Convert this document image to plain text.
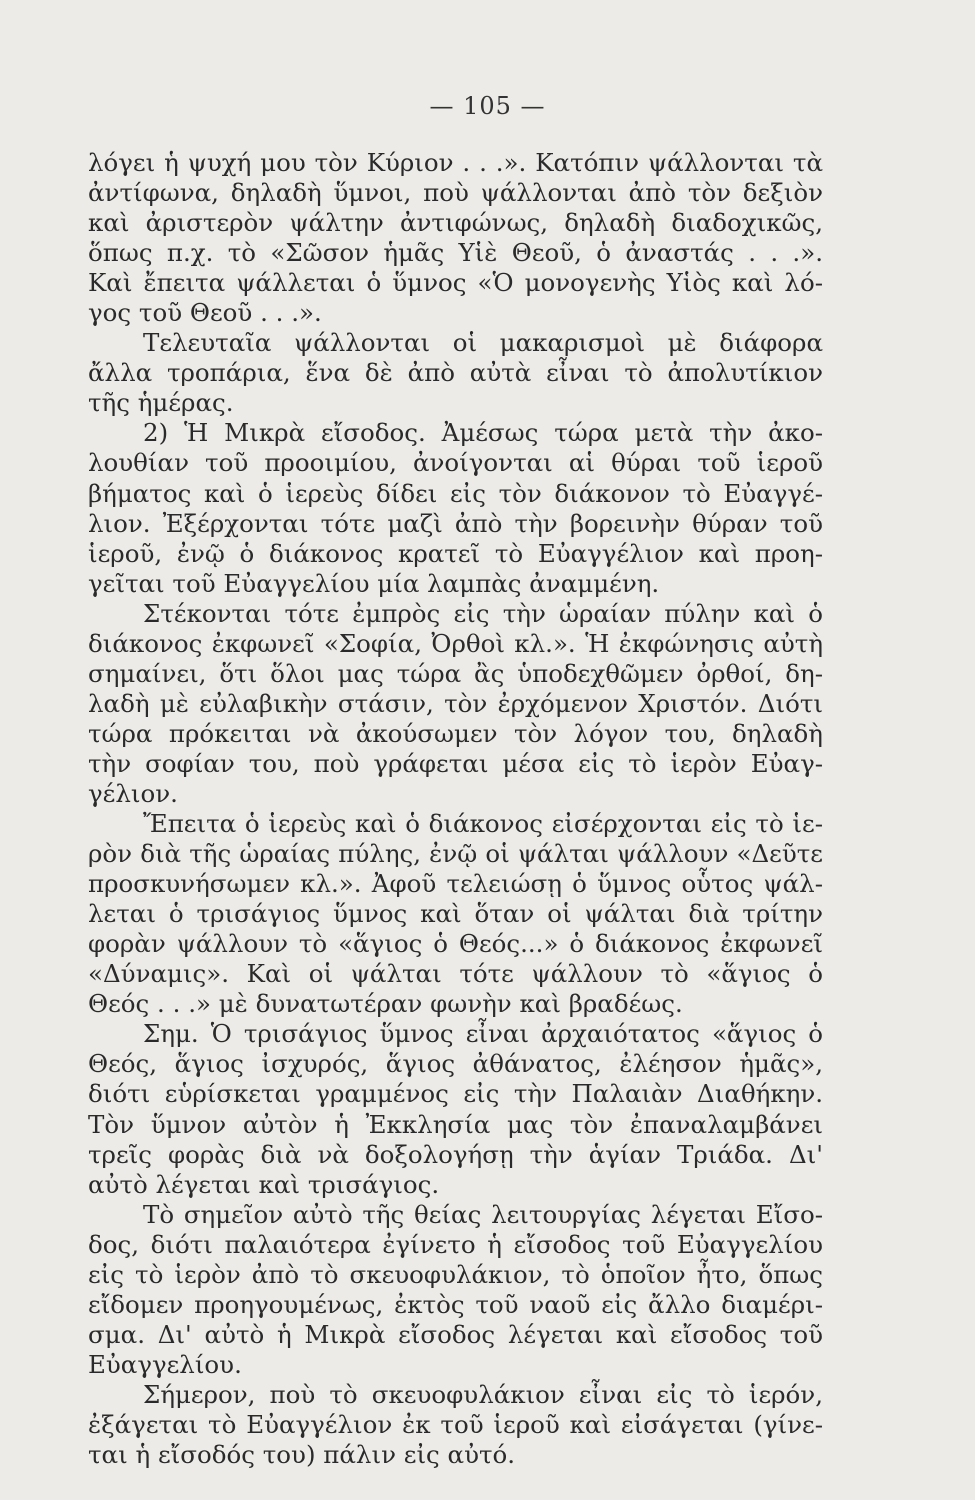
— 105 —
λόγει ἡ ψυχή μου τὸν Κύριον . . .». Κατόπιν ψάλλονται τὰ
ἀντίφωνα, δηλαδὴ ὕμνοι, ποὺ ψάλλονται ἀπὸ τὸν δεξιὸν
καὶ ἀριστερὸν ψάλτην ἀντιφώνως, δηλαδὴ διαδοχικῶς,
ὅπως π.χ. τὸ «Σῶσον ἡμᾶς Υἱὲ Θεοῦ, ὁ ἀναστάς . . .».
Καὶ ἔπειτα ψάλλεται ὁ ὕμνος «Ὁ μονογενὴς Υἱὸς καὶ λό-
γος τοῦ Θεοῦ . . .».
Τελευταῖα ψάλλονται οἱ μακαρισμοὶ μὲ διάφορα
ἄλλα τροπάρια, ἕνα δὲ ἀπὸ αὐτὰ εἶναι τὸ ἀπολυτίκιον
τῆς ἡμέρας.
2) Ἡ Μικρὰ εἴσοδος. Ἀμέσως τώρα μετὰ τὴν ἀκο-
λουθίαν τοῦ προοιμίου, ἀνοίγονται αἱ θύραι τοῦ ἱεροῦ
βήματος καὶ ὁ ἱερεὺς δίδει εἰς τὸν διάκονον τὸ Εὐαγγέ-
λιον. Ἐξέρχονται τότε μαζὶ ἀπὸ τὴν βορεινὴν θύραν τοῦ
ἱεροῦ, ἐνῷ ὁ διάκονος κρατεῖ τὸ Εὐαγγέλιον καὶ προη-
γεῖται τοῦ Εὐαγγελίου μία λαμπὰς ἀναμμένη.
Στέκονται τότε ἐμπρὸς εἰς τὴν ὡραίαν πύλην καὶ ὁ
διάκονος ἐκφωνεῖ «Σοφία, Ὀρθοὶ κλ.». Ἡ ἐκφώνησις αὐτὴ
σημαίνει, ὅτι ὅλοι μας τώρα ἂς ὑποδεχθῶμεν ὀρθοί, δη-
λαδὴ μὲ εὐλαβικὴν στάσιν, τὸν ἐρχόμενον Χριστόν. Διότι
τώρα πρόκειται νὰ ἀκούσωμεν τὸν λόγον του, δηλαδὴ
τὴν σοφίαν του, ποὺ γράφεται μέσα εἰς τὸ ἱερὸν Εὐαγ-
γέλιον.
Ἔπειτα ὁ ἱερεὺς καὶ ὁ διάκονος εἰσέρχονται εἰς τὸ ἱε-
ρὸν διὰ τῆς ὡραίας πύλης, ἐνῷ οἱ ψάλται ψάλλουν «Δεῦτε
προσκυνήσωμεν κλ.». Ἀφοῦ τελειώσῃ ὁ ὕμνος οὗτος ψάλ-
λεται ὁ τρισάγιος ὕμνος καὶ ὅταν οἱ ψάλται διὰ τρίτην
φορὰν ψάλλουν τὸ «ἅγιος ὁ Θεός...» ὁ διάκονος ἐκφωνεῖ
«Δύναμις». Καὶ οἱ ψάλται τότε ψάλλουν τὸ «ἅγιος ὁ
Θεός . . .» μὲ δυνατωτέραν φωνὴν καὶ βραδέως.
Σημ. Ὁ τρισάγιος ὕμνος εἶναι ἀρχαιότατος «ἅγιος ὁ
Θεός, ἅγιος ἰσχυρός, ἅγιος ἀθάνατος, ἐλέησον ἡμᾶς»,
διότι εὑρίσκεται γραμμένος εἰς τὴν Παλαιὰν Διαθήκην.
Τὸν ὕμνον αὐτὸν ἡ Ἐκκλησία μας τὸν ἐπαναλαμβάνει
τρεῖς φορὰς διὰ νὰ δοξολογήσῃ τὴν ἁγίαν Τριάδα. Δι'
αὐτὸ λέγεται καὶ τρισάγιος.
Τὸ σημεῖον αὐτὸ τῆς θείας λειτουργίας λέγεται Εἴσο-
δος, διότι παλαιότερα ἐγίνετο ἡ εἴσοδος τοῦ Εὐαγγελίου
εἰς τὸ ἱερὸν ἀπὸ τὸ σκευοφυλάκιον, τὸ ὁποῖον ἦτο, ὅπως
εἴδομεν προηγουμένως, ἐκτὸς τοῦ ναοῦ εἰς ἄλλο διαμέρι-
σμα. Δι' αὐτὸ ἡ Μικρὰ εἴσοδος λέγεται καὶ εἴσοδος τοῦ
Εὐαγγελίου.
Σήμερον, ποὺ τὸ σκευοφυλάκιον εἶναι εἰς τὸ ἱερόν,
ἐξάγεται τὸ Εὐαγγέλιον ἐκ τοῦ ἱεροῦ καὶ εἰσάγεται (γίνε-
ται ἡ εἴσοδός του) πάλιν εἰς αὐτό.
